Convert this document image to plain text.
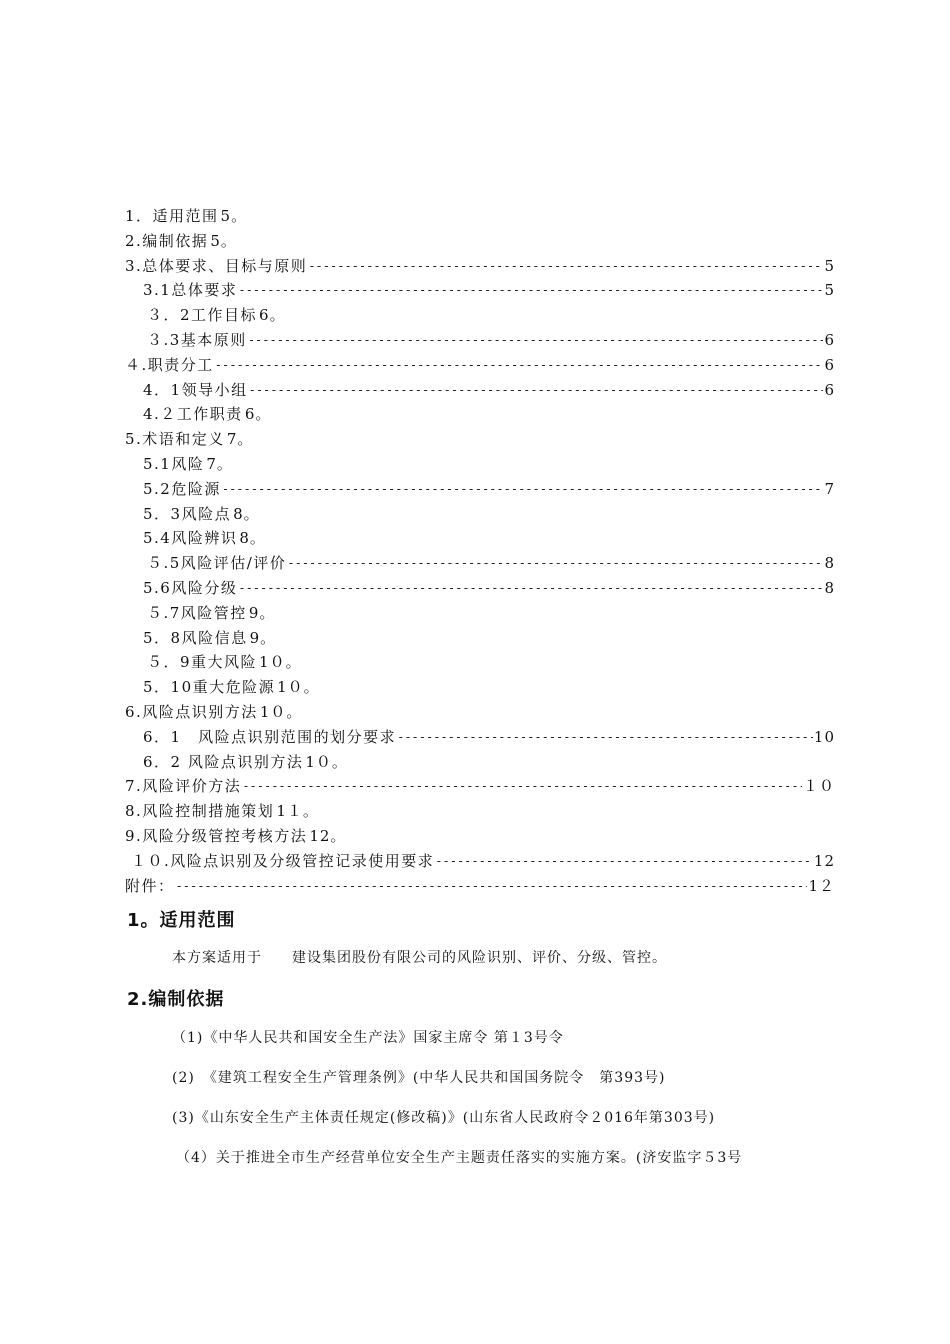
1．适用范围 5。
2.编制依据 5。
3.总体要求、目标与原则 -----	5
3.1总体要求 -----	5
３．2工作目标 6。
３.3基本原则 -----	6
４.职责分工 -----	6
4．1领导小组 -----	6
4.２工作职责 6。
5.术语和定义 7。
5.1风险 7。
5.2危险源 -----	7
5．3风险点 8。
5.4风险辨识 8。
５.5风险评估/评价 -----	8
5.6风险分级 -----	8
５.7风险管控 9。
5．8风险信息 9。
５．9重大风险 1０。
5．10重大危险源 1０。
6.风险点识别方法 1０。
6．1　风险点识别范围的划分要求 -----	10
6．2 风险点识别方法 1０。
7.风险评价方法 -----	１０
8.风险控制措施策划 1１。
9.风险分级管控考核方法 12。
１０.风险点识别及分级管控记录使用要求 -----	12
附件： -----	1２
1。适用范围
本方案适用于　　建设集团股份有限公司的风险识别、评价、分级、管控。
2.编制依据
（1)《中华人民共和国安全生产法》国家主席令 第１3号令
(2)　《建筑工程安全生产管理条例》(中华人民共和国国务院令　第393号)
(3)《山东安全生产主体责任规定(修改稿)》(山东省人民政府令２016年第303号)
（4）关于推进全市生产经营单位安全生产主题责任落实的实施方案。(济安监字５3号
